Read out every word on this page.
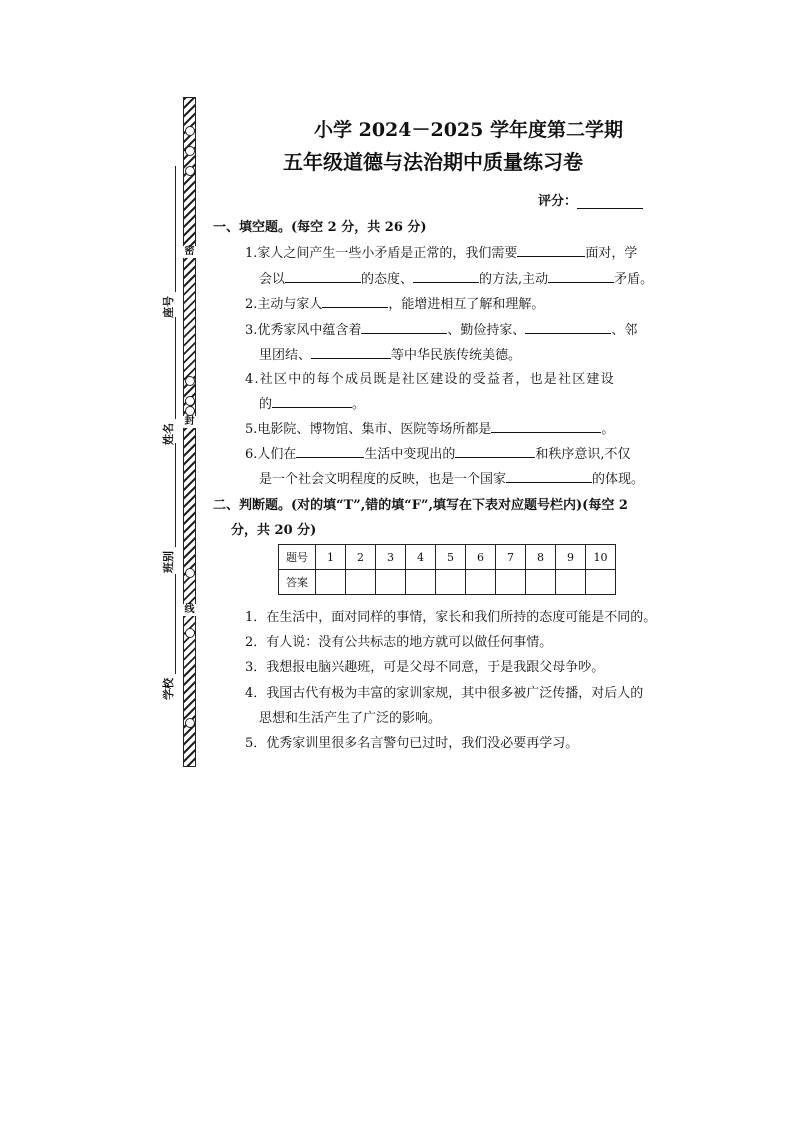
密
封
线
座号
姓名
班别
学校
小学 2024－2025 学年度第二学期
五年级道德与法治期中质量练习卷
评分：
一、填空题。(每空 2 分，共 26 分)
1.家人之间产生一些小矛盾是正常的，我们需要	面对，学
会以	的态度、	的方法,主动	矛盾。
2.主动与家人	，能增进相互了解和理解。
3.优秀家风中蕴含着	、勤俭持家、	、邻
里团结、	等中华民族传统美德。
4.社区中的每个成员既是社区建设的受益者，也是社区建设
的	。
5.电影院、博物馆、集市、医院等场所都是	。
6.人们在	生活中变现出的	和秩序意识,不仅
是一个社会文明程度的反映，也是一个国家	的体现。
二、判断题。(对的填“T”,错的填“F”,填写在下表对应题号栏内)(每空 2
分，共 20 分)
题号	1	2	3	4	5	6	7	8	9	10
答案										
1．在生活中，面对同样的事情，家长和我们所持的态度可能是不同的。
2．有人说：没有公共标志的地方就可以做任何事情。
3．我想报电脑兴趣班，可是父母不同意，于是我跟父母争吵。
4．我国古代有极为丰富的家训家规，其中很多被广泛传播，对后人的
思想和生活产生了广泛的影响。
5．优秀家训里很多名言警句已过时，我们没必要再学习。
